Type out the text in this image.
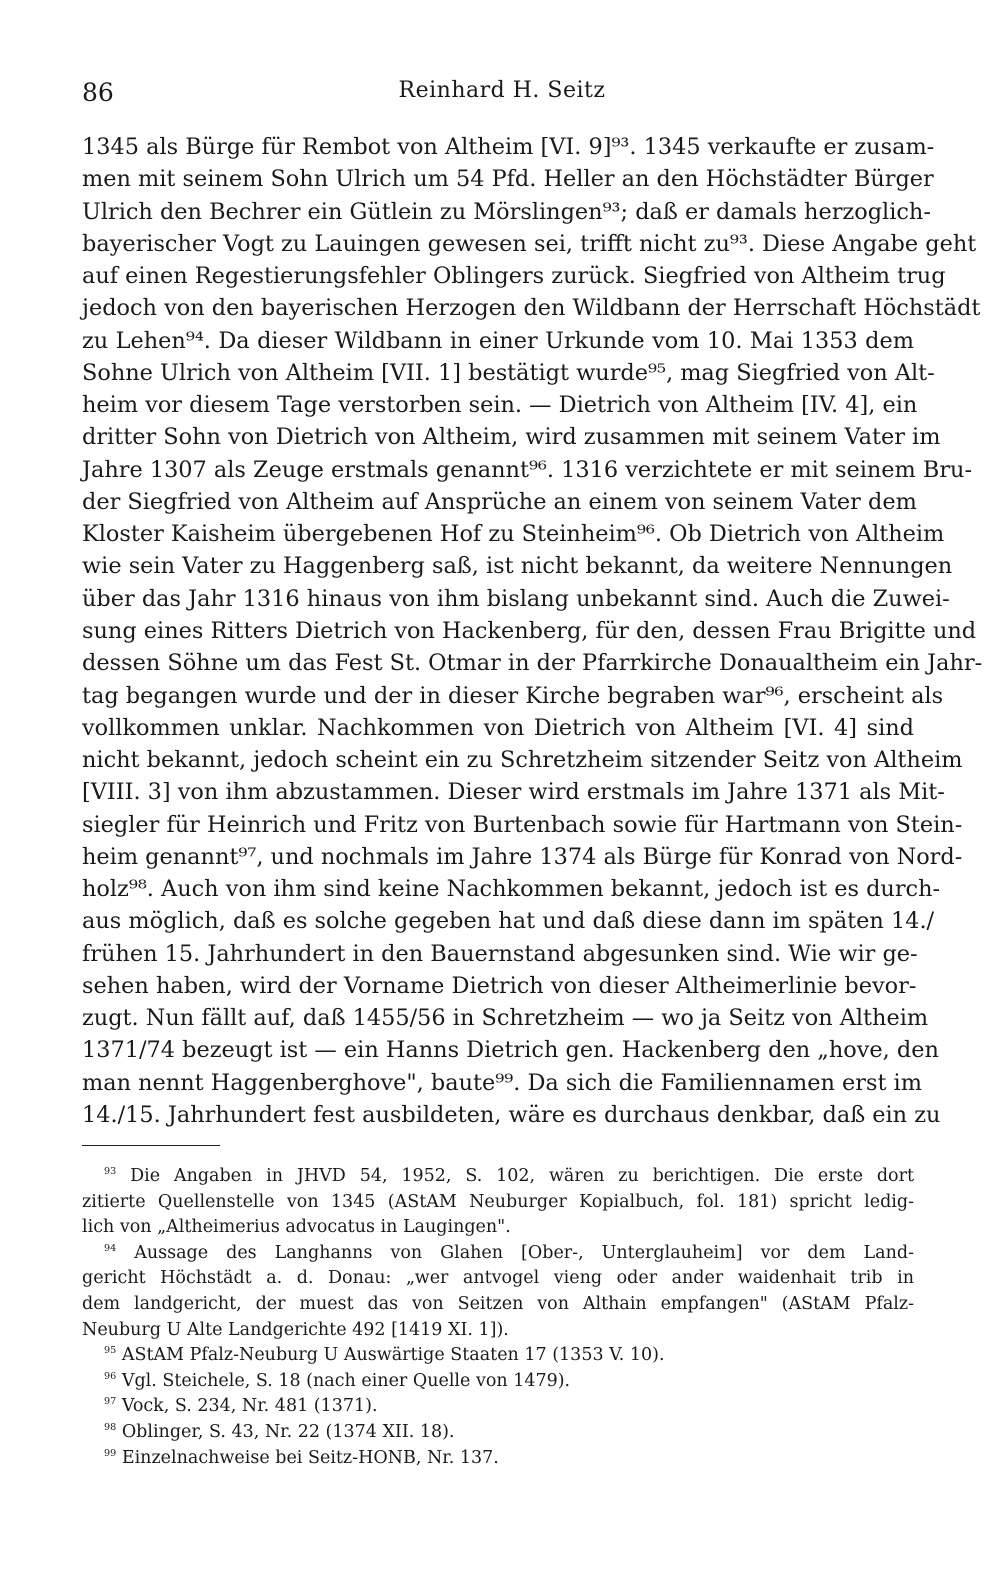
86	Reinhard H. Seitz
1345 als Bürge für Rembot von Altheim [VI. 9]⁹³. 1345 verkaufte er zusam-
men mit seinem Sohn Ulrich um 54 Pfd. Heller an den Höchstädter Bürger
Ulrich den Bechrer ein Gütlein zu Mörslingen⁹³; daß er damals herzoglich-
bayerischer Vogt zu Lauingen gewesen sei, trifft nicht zu⁹³. Diese Angabe geht
auf einen Regestierungsfehler Oblingers zurück. Siegfried von Altheim trug
jedoch von den bayerischen Herzogen den Wildbann der Herrschaft Höchstädt
zu Lehen⁹⁴. Da dieser Wildbann in einer Urkunde vom 10. Mai 1353 dem
Sohne Ulrich von Altheim [VII. 1] bestätigt wurde⁹⁵, mag Siegfried von Alt-
heim vor diesem Tage verstorben sein. — Dietrich von Altheim [IV. 4], ein
dritter Sohn von Dietrich von Altheim, wird zusammen mit seinem Vater im
Jahre 1307 als Zeuge erstmals genannt⁹⁶. 1316 verzichtete er mit seinem Bru-
der Siegfried von Altheim auf Ansprüche an einem von seinem Vater dem
Kloster Kaisheim übergebenen Hof zu Steinheim⁹⁶. Ob Dietrich von Altheim
wie sein Vater zu Haggenberg saß, ist nicht bekannt, da weitere Nennungen
über das Jahr 1316 hinaus von ihm bislang unbekannt sind. Auch die Zuwei-
sung eines Ritters Dietrich von Hackenberg, für den, dessen Frau Brigitte und
dessen Söhne um das Fest St. Otmar in der Pfarrkirche Donaualtheim ein Jahr-
tag begangen wurde und der in dieser Kirche begraben war⁹⁶, erscheint als
vollkommen unklar. Nachkommen von Dietrich von Altheim [VI. 4] sind
nicht bekannt, jedoch scheint ein zu Schretzheim sitzender Seitz von Altheim
[VIII. 3] von ihm abzustammen. Dieser wird erstmals im Jahre 1371 als Mit-
siegler für Heinrich und Fritz von Burtenbach sowie für Hartmann von Stein-
heim genannt⁹⁷, und nochmals im Jahre 1374 als Bürge für Konrad von Nord-
holz⁹⁸. Auch von ihm sind keine Nachkommen bekannt, jedoch ist es durch-
aus möglich, daß es solche gegeben hat und daß diese dann im späten 14./
frühen 15. Jahrhundert in den Bauernstand abgesunken sind. Wie wir ge-
sehen haben, wird der Vorname Dietrich von dieser Altheimerlinie bevor-
zugt. Nun fällt auf, daß 1455/56 in Schretzheim — wo ja Seitz von Altheim
1371/74 bezeugt ist — ein Hanns Dietrich gen. Hackenberg den „hove, den
man nennt Haggenberghove", baute⁹⁹. Da sich die Familiennamen erst im
14./15. Jahrhundert fest ausbildeten, wäre es durchaus denkbar, daß ein zu
$^{93}$ Die Angaben in JHVD 54, 1952, S. 102, wären zu berichtigen. Die erste dort
zitierte Quellenstelle von 1345 (AStAM Neuburger Kopialbuch, fol. 181) spricht ledig-
lich von „Altheimerius advocatus in Laugingen".
$^{94}$ Aussage des Langhanns von Glahen [Ober-, Unterglauheim] vor dem Land-
gericht Höchstädt a. d. Donau: „wer antvogel vieng oder ander waidenhait trib in
dem landgericht, der muest das von Seitzen von Althain empfangen" (AStAM Pfalz-
Neuburg U Alte Landgerichte 492 [1419 XI. 1]).
$^{95}$ AStAM Pfalz-Neuburg U Auswärtige Staaten 17 (1353 V. 10).
$^{96}$ Vgl. Steichele, S. 18 (nach einer Quelle von 1479).
$^{97}$ Vock, S. 234, Nr. 481 (1371).
$^{98}$ Oblinger, S. 43, Nr. 22 (1374 XII. 18).
$^{99}$ Einzelnachweise bei Seitz-HONB, Nr. 137.
